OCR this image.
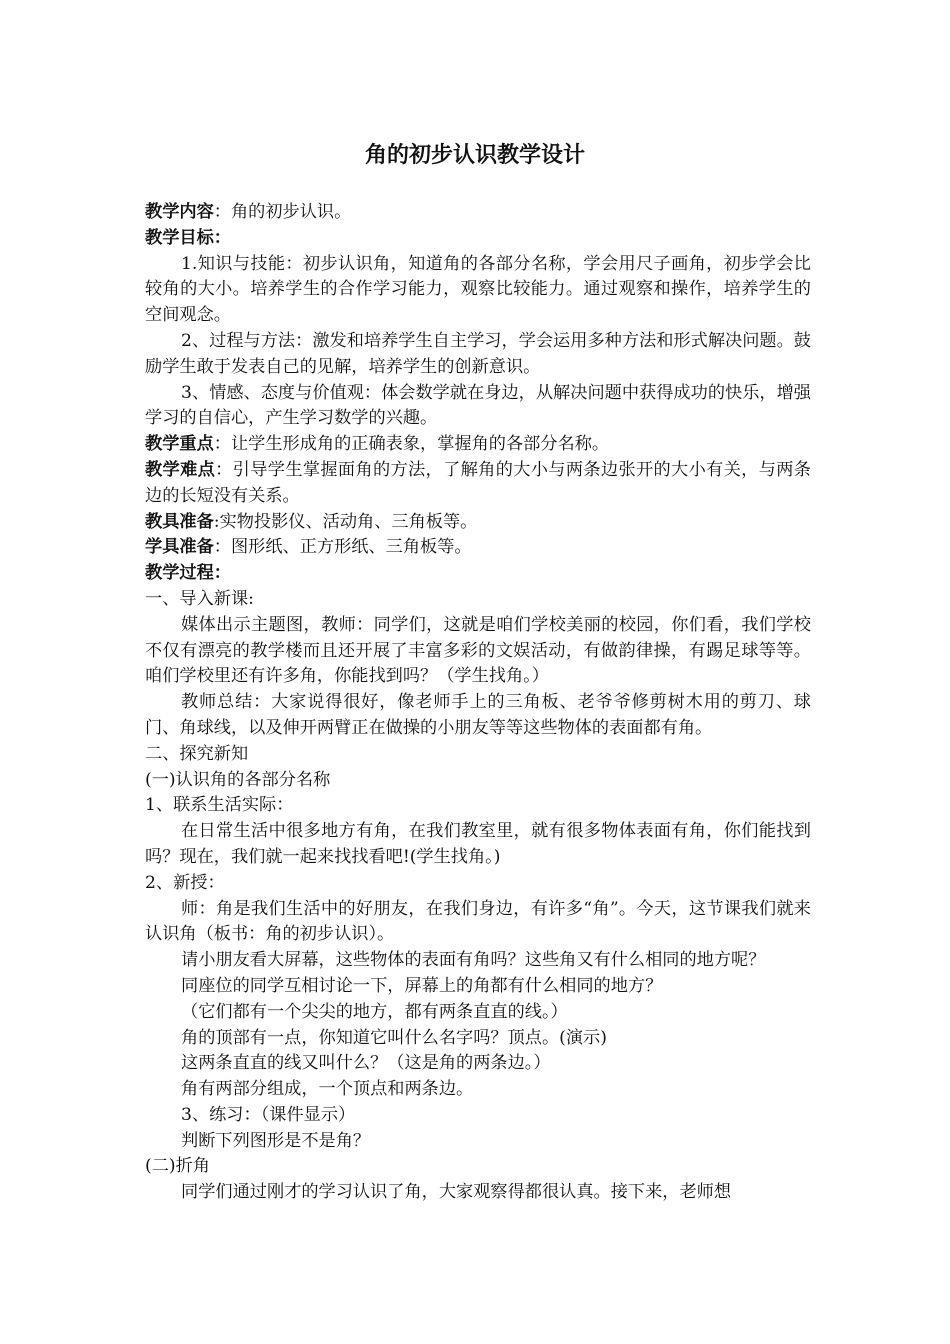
角的初步认识教学设计

教学内容：角的初步认识。

教学目标：

1.知识与技能：初步认识角，知道角的各部分名称，学会用尺子画角，初步学会比较角的大小。培养学生的合作学习能力，观察比较能力。通过观察和操作，培养学生的空间观念。

2、过程与方法：激发和培养学生自主学习，学会运用多种方法和形式解决问题。鼓励学生敢于发表自己的见解，培养学生的创新意识。

3、情感、态度与价值观：体会数学就在身边，从解决问题中获得成功的快乐，增强学习的自信心，产生学习数学的兴趣。

教学重点：让学生形成角的正确表象，掌握角的各部分名称。

教学难点：引导学生掌握面角的方法，了解角的大小与两条边张开的大小有关，与两条边的长短没有关系。

教具准备:实物投影仪、活动角、三角板等。

学具准备：图形纸、正方形纸、三角板等。

教学过程：

一、导入新课:

媒体出示主题图，教师：同学们，这就是咱们学校美丽的校园，你们看，我们学校不仅有漂亮的教学楼而且还开展了丰富多彩的文娱活动，有做韵律操，有踢足球等等。咱们学校里还有许多角，你能找到吗？（学生找角。）

教师总结：大家说得很好，像老师手上的三角板、老爷爷修剪树木用的剪刀、球门、角球线，以及伸开两臂正在做操的小朋友等等这些物体的表面都有角。

二、探究新知

(一)认识角的各部分名称

1、联系生活实际：

在日常生活中很多地方有角，在我们教室里，就有很多物体表面有角，你们能找到吗？现在，我们就一起来找找看吧!(学生找角。)

2、新授：

师：角是我们生活中的好朋友，在我们身边，有许多“角”。今天，这节课我们就来认识角（板书：角的初步认识）。

请小朋友看大屏幕，这些物体的表面有角吗？这些角又有什么相同的地方呢？

同座位的同学互相讨论一下，屏幕上的角都有什么相同的地方？

（它们都有一个尖尖的地方，都有两条直直的线。）

角的顶部有一点，你知道它叫什么名字吗？顶点。(演示)

这两条直直的线又叫什么？（这是角的两条边。）

角有两部分组成，一个顶点和两条边。

3、练习：（课件显示）

判断下列图形是不是角？

(二)折角

同学们通过刚才的学习认识了角，大家观察得都很认真。接下来，老师想
